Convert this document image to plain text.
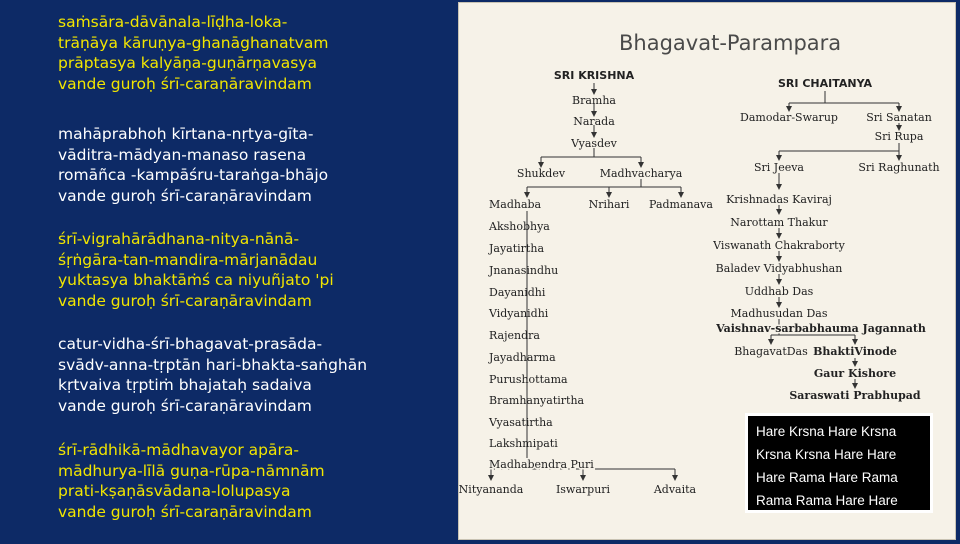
saṁsāra-dāvānala-līḍha-loka-
trāṇāya kāruṇya-ghanāghanatvam
prāptasya kalyāṇa-guṇārṇavasya
vande guroḥ śrī-caraṇāravindam
mahāprabhoḥ kīrtana-nṛtya-gīta-
vāditra-mādyan-manaso rasena
romāñca -kampāśru-taraṅga-bhājo
vande guroḥ śrī-caraṇāravindam
śrī-vigrahārādhana-nitya-nānā-
śṛṅgāra-tan-mandira-mārjanādau
yuktasya bhaktāṁś ca niyuñjato 'pi
vande guroḥ śrī-caraṇāravindam
catur-vidha-śrī-bhagavat-prasāda-
svādv-anna-tṛptān hari-bhakta-saṅghān
kṛtvaiva tṛptiṁ bhajataḥ sadaiva
vande guroḥ śrī-caraṇāravindam
śrī-rādhikā-mādhavayor apāra-
mādhurya-līlā guṇa-rūpa-nāmnām
prati-kṣaṇāsvādana-lolupasya
vande guroḥ śrī-caraṇāravindam
Bhagavat-Parampara
SRI KRISHNA
Bramha
Narada
Vyasdev
Shukdev	Madhvacharya
Nrihari Padmanava
Madhaba
Akshobhya
Jayatirtha
Jnanasindhu
Dayanidhi
Vidyanidhi
Rajendra
Jayadharma
Purushottama
Bramhanyatirtha
Vyasatirtha
Lakshmipati
Madhabendra Puri
Nityananda	Iswarpuri	Advaita
SRI CHAITANYA
Damodar-Swarup	Sri Sanatan
Sri Rupa
Sri Jeeva	Sri Raghunath
Krishnadas Kaviraj
Narottam Thakur
Viswanath Chakraborty
Baladev Vidyabhushan
Uddhab Das
Madhusudan Das
Vaishnav-sarbabhauma Jagannath
BhagavatDas BhaktiVinode
Gaur Kishore
Saraswati Prabhupad
Hare Krsna Hare Krsna
Krsna Krsna Hare Hare
Hare Rama Hare Rama
Rama Rama Hare Hare
